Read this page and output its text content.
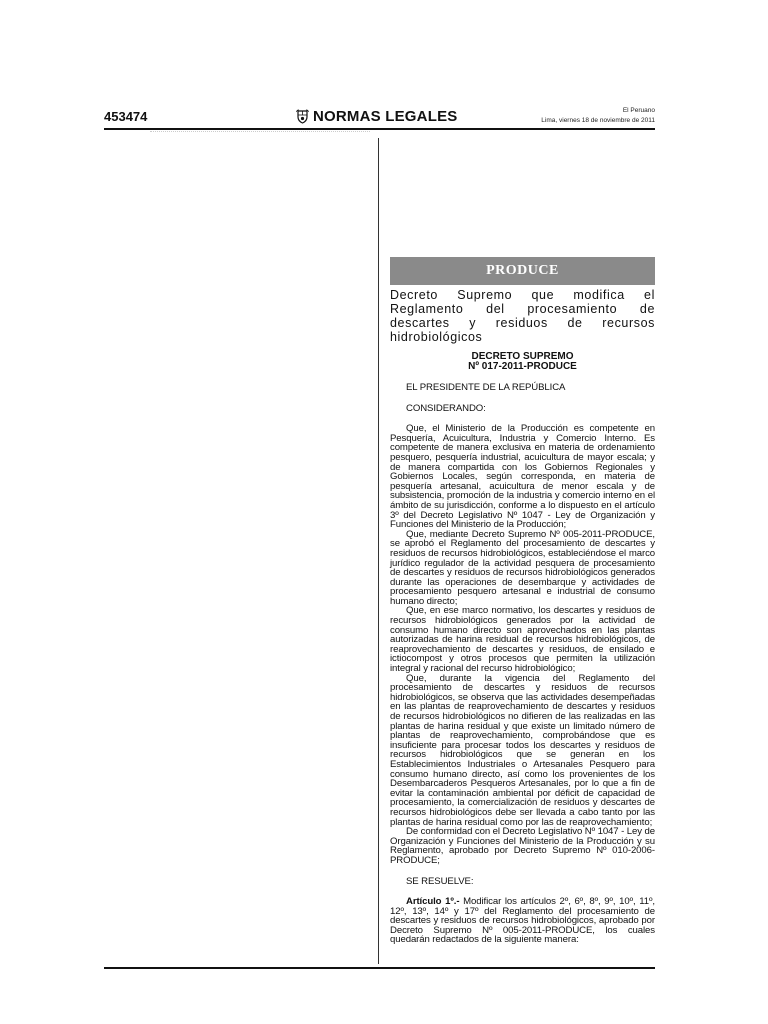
453474	NORMAS LEGALES	El Peruano
Lima, viernes 18 de noviembre de 2011
PRODUCE
Decreto Supremo que modifica el Reglamento del procesamiento de descartes y residuos de recursos hidrobiológicos
DECRETO SUPREMO
Nº 017-2011-PRODUCE

EL PRESIDENTE DE LA REPÚBLICA

CONSIDERANDO:

Que, el Ministerio de la Producción es competente en Pesquería, Acuicultura, Industria y Comercio Interno. Es competente de manera exclusiva en materia de ordenamiento pesquero, pesquería industrial, acuicultura de mayor escala; y de manera compartida con los Gobiernos Regionales y Gobiernos Locales, según corresponda, en materia de pesquería artesanal, acuicultura de menor escala y de subsistencia, promoción de la industria y comercio interno en el ámbito de su jurisdicción, conforme a lo dispuesto en el artículo 3º del Decreto Legislativo Nº 1047 - Ley de Organización y Funciones del Ministerio de la Producción;

Que, mediante Decreto Supremo Nº 005-2011-PRODUCE, se aprobó el Reglamento del procesamiento de descartes y residuos de recursos hidrobiológicos, estableciéndose el marco jurídico regulador de la actividad pesquera de procesamiento de descartes y residuos de recursos hidrobiológicos generados durante las operaciones de desembarque y actividades de procesamiento pesquero artesanal e industrial de consumo humano directo;

Que, en ese marco normativo, los descartes y residuos de recursos hidrobiológicos generados por la actividad de consumo humano directo son aprovechados en las plantas autorizadas de harina residual de recursos hidrobiológicos, de reaprovechamiento de descartes y residuos, de ensilado e ictiocompost y otros procesos que permiten la utilización integral y racional del recurso hidrobiológico;

Que, durante la vigencia del Reglamento del procesamiento de descartes y residuos de recursos hidrobiológicos, se observa que las actividades desempeñadas en las plantas de reaprovechamiento de descartes y residuos de recursos hidrobiológicos no difieren de las realizadas en las plantas de harina residual y que existe un limitado número de plantas de reaprovechamiento, comprobándose que es insuficiente para procesar todos los descartes y residuos de recursos hidrobiológicos que se generan en los Establecimientos Industriales o Artesanales Pesquero para consumo humano directo, así como los provenientes de los Desembarcaderos Pesqueros Artesanales, por lo que a fin de evitar la contaminación ambiental por déficit de capacidad de procesamiento, la comercialización de residuos y descartes de recursos hidrobiológicos debe ser llevada a cabo tanto por las plantas de harina residual como por las de reaprovechamiento;

De conformidad con el Decreto Legislativo Nº 1047 - Ley de Organización y Funciones del Ministerio de la Producción y su Reglamento, aprobado por Decreto Supremo Nº 010-2006-PRODUCE;

SE RESUELVE:

Artículo 1º.- Modificar los artículos 2º, 6º, 8º, 9º, 10º, 11º, 12º, 13º, 14º y 17º del Reglamento del procesamiento de descartes y residuos de recursos hidrobiológicos, aprobado por Decreto Supremo Nº 005-2011-PRODUCE, los cuales quedarán redactados de la siguiente manera:
